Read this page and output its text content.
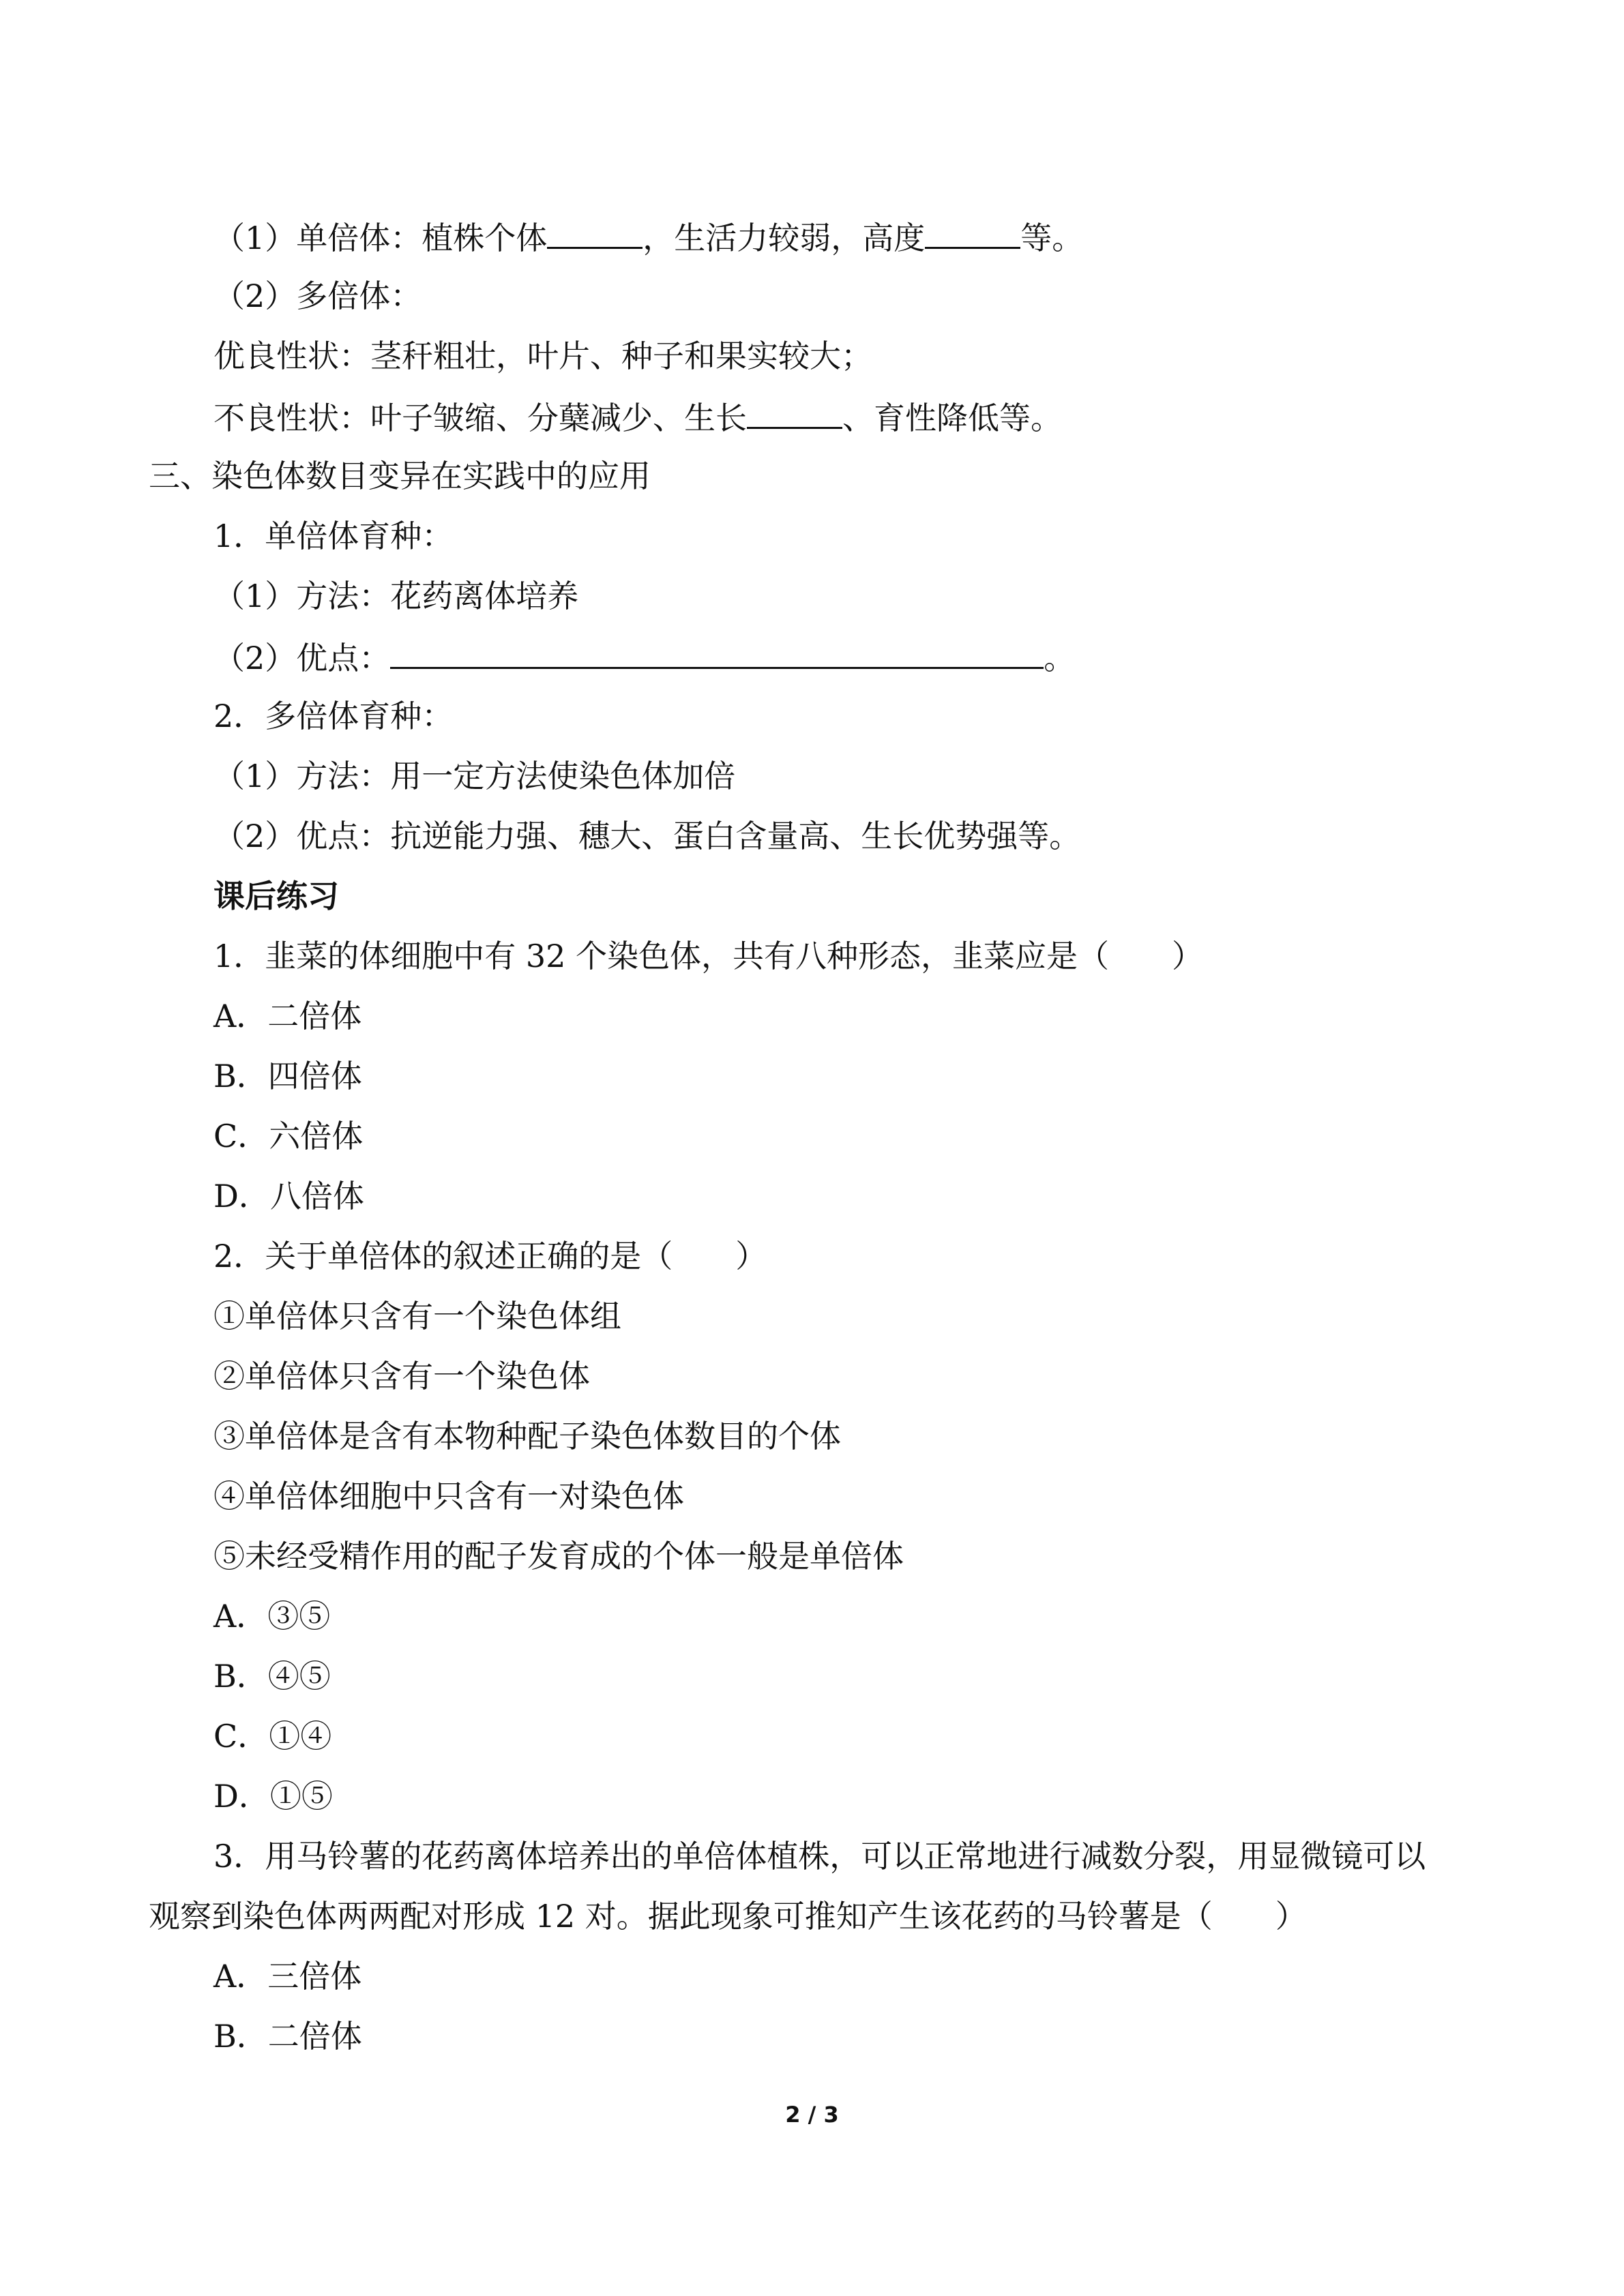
（1）单倍体：植株个体	，生活力较弱，高度	等。

（2）多倍体：

优良性状：茎秆粗壮，叶片、种子和果实较大；

不良性状：叶子皱缩、分蘖减少、生长	、育性降低等。

三、染色体数目变异在实践中的应用

1．单倍体育种：

（1）方法：花药离体培养

（2）优点：	。

2．多倍体育种：

（1）方法：用一定方法使染色体加倍

（2）优点：抗逆能力强、穗大、蛋白含量高、生长优势强等。

课后练习

1．韭菜的体细胞中有 32 个染色体，共有八种形态，韭菜应是（　　）

A．二倍体

B．四倍体

C．六倍体

D．八倍体

2．关于单倍体的叙述正确的是（　　）

①单倍体只含有一个染色体组

②单倍体只含有一个染色体

③单倍体是含有本物种配子染色体数目的个体

④单倍体细胞中只含有一对染色体

⑤未经受精作用的配子发育成的个体一般是单倍体

A．③⑤

B．④⑤

C．①④

D．①⑤

3．用马铃薯的花药离体培养出的单倍体植株，可以正常地进行减数分裂，用显微镜可以

观察到染色体两两配对形成 12 对。据此现象可推知产生该花药的马铃薯是（　　）

A．三倍体

B．二倍体

2 / 3
